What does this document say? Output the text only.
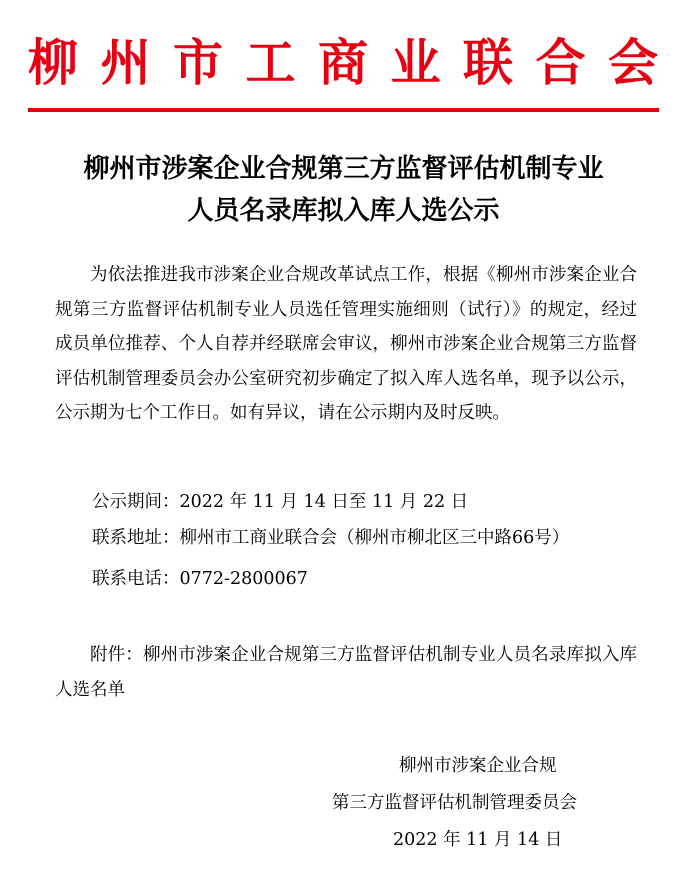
柳 州 市 工 商 业 联 合 会
柳州市涉案企业合规第三方监督评估机制专业
人员名录库拟入库人选公示
为依法推进我市涉案企业合规改革试点工作，根据《柳州市涉案企业合规第三方监督评估机制专业人员选任管理实施细则（试行）》的规定，经过成员单位推荐、个人自荐并经联席会审议，柳州市涉案企业合规第三方监督评估机制管理委员会办公室研究初步确定了拟入库人选名单，现予以公示，公示期为七个工作日。如有异议，请在公示期内及时反映。
公示期间：2022 年 11 月 14 日至 11 月 22 日
联系地址：柳州市工商业联合会（柳州市柳北区三中路66号）
联系电话：0772-2800067
附件：柳州市涉案企业合规第三方监督评估机制专业人员名录库拟入库人选名单
柳州市涉案企业合规
第三方监督评估机制管理委员会
2022 年 11 月 14 日
